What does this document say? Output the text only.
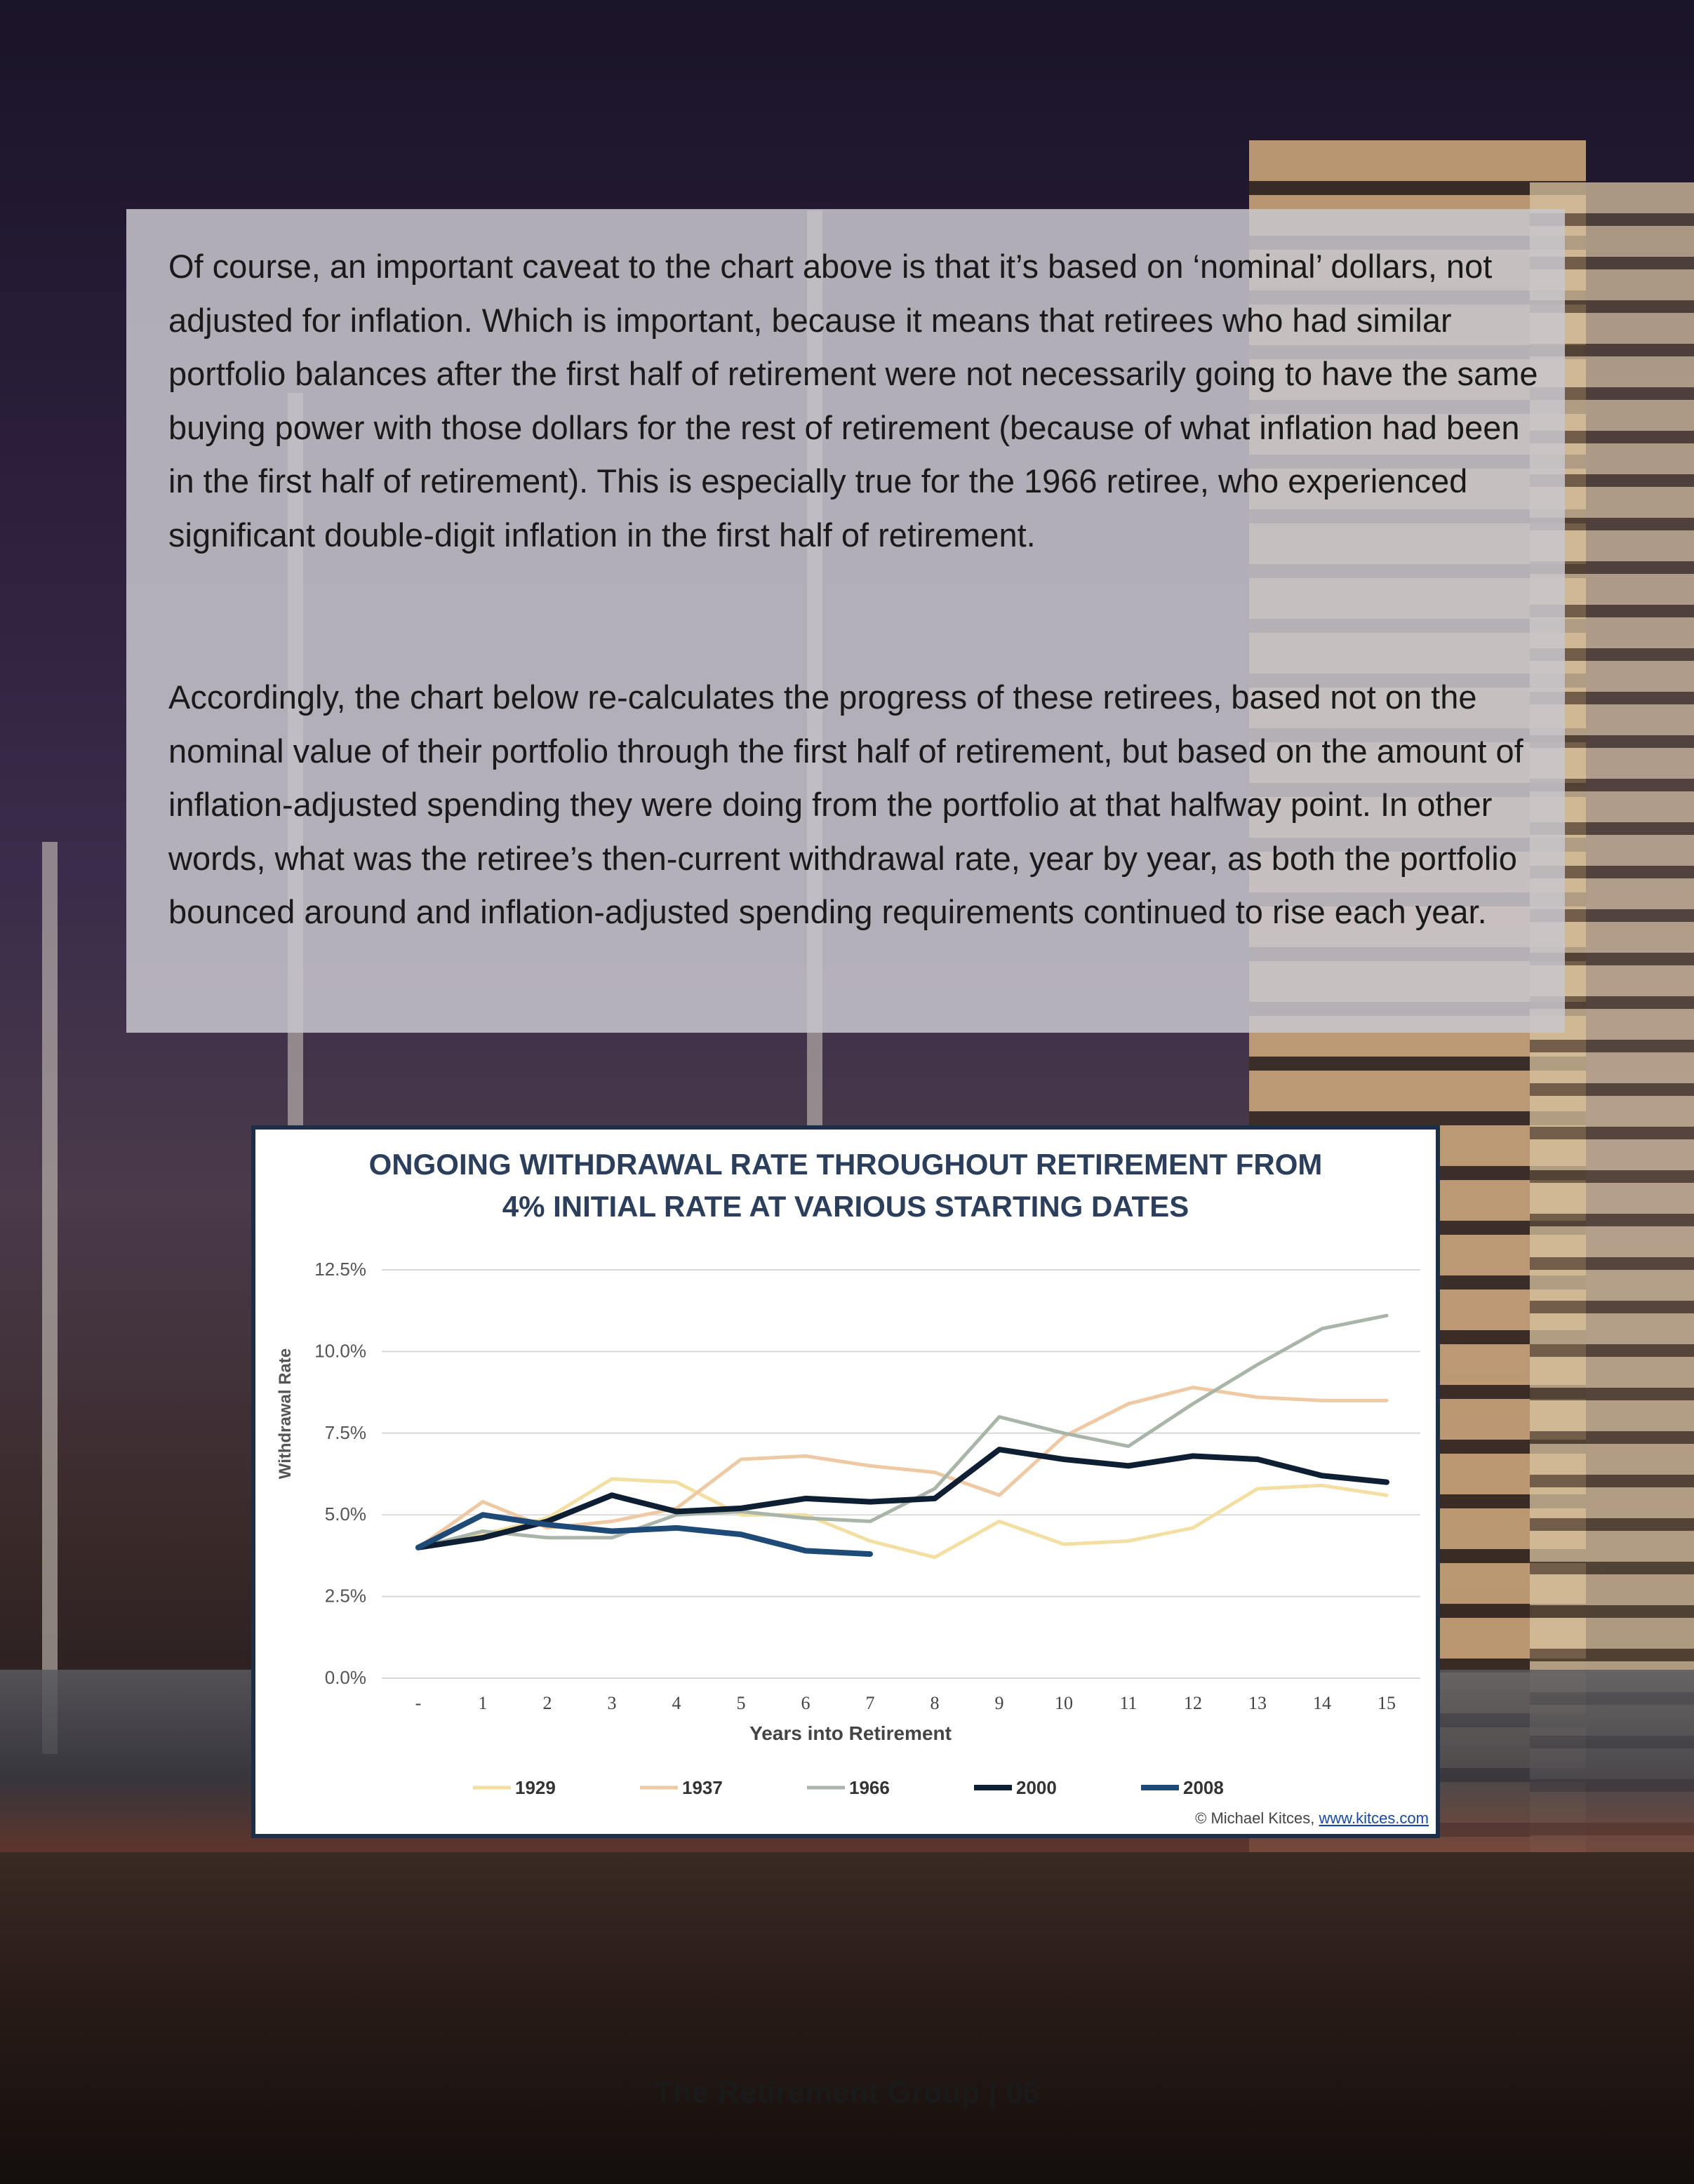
Of course, an important caveat to the chart above is that it’s based on ‘nominal’ dollars, not adjusted for inflation. Which is important, because it means that retirees who had similar portfolio balances after the first half of retirement were not necessarily going to have the same buying power with those dollars for the rest of retirement (because of what inflation had been in the first half of retirement). This is especially true for the 1966 retiree, who experienced significant double-digit inflation in the first half of retirement.

Accordingly, the chart below re-calculates the progress of these retirees, based not on the nominal value of their portfolio through the first half of retirement, but based on the amount of inflation-adjusted spending they were doing from the portfolio at that halfway point. In other words, what was the retiree’s then-current withdrawal rate, year by year, as both the portfolio bounced around and inflation-adjusted spending requirements continued to rise each year.

ONGOING WITHDRAWAL RATE THROUGHOUT RETIREMENT FROM
4% INITIAL RATE AT VARIOUS STARTING DATES
0.0%
2.5%
5.0%
7.5%
10.0%
12.5%
-	1	2	3	4	5	6	7	8	9	10	11	12	13	14	15
Withdrawal Rate
Years into Retirement
1929	1937	1966	2000	2008
© Michael Kitces, www.kitces.com
The Retirement Group | 06
